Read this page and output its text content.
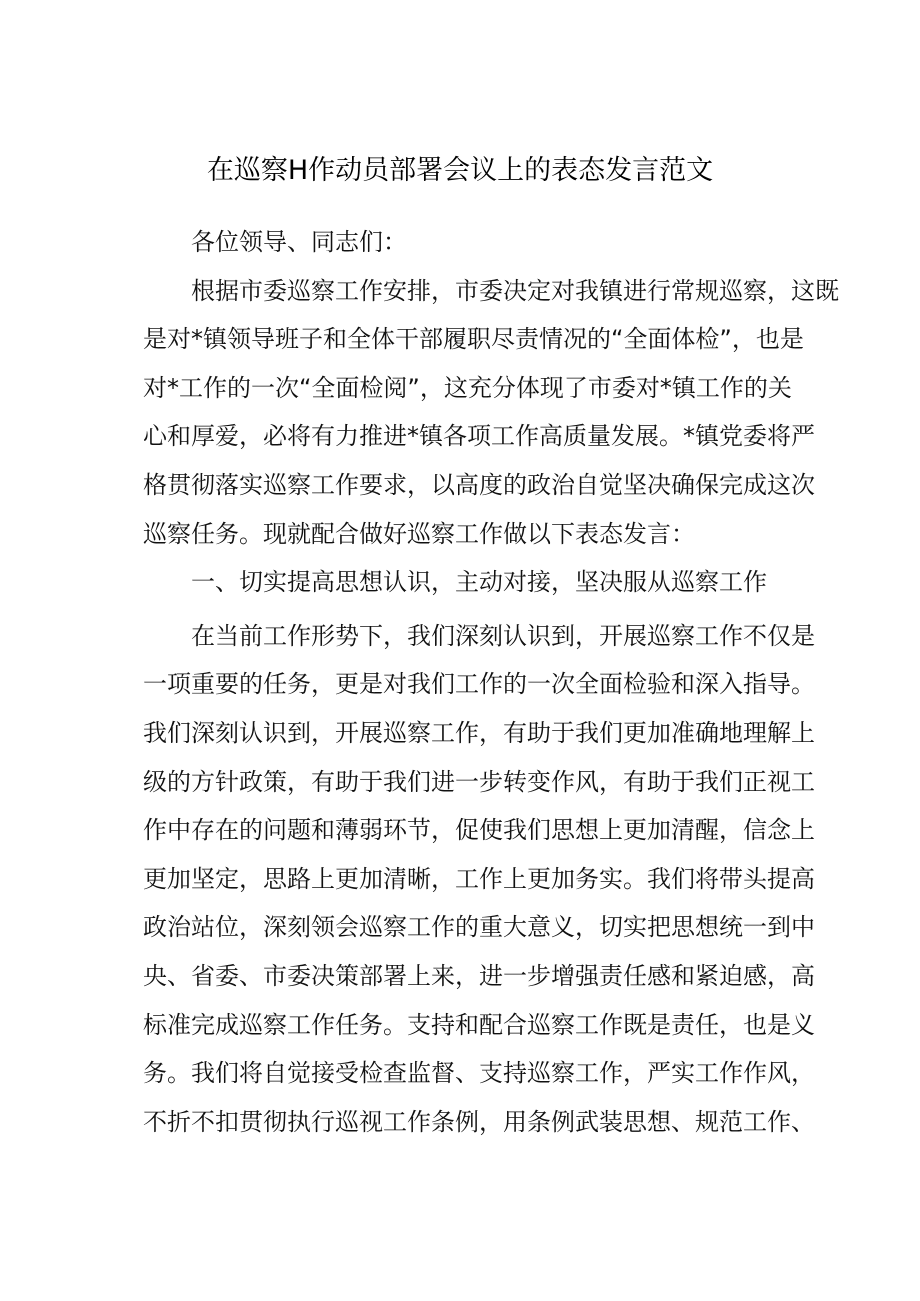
在巡察H作动员部署会议上的表态发言范文
　　各位领导、同志们：
　　根据市委巡察工作安排，市委决定对我镇进行常规巡察，这既
是对*镇领导班子和全体干部履职尽责情况的“全面体检”，也是
对*工作的一次“全面检阅”，这充分体现了市委对*镇工作的关
心和厚爱，必将有力推进*镇各项工作高质量发展。*镇党委将严
格贯彻落实巡察工作要求，以高度的政治自觉坚决确保完成这次
巡察任务。现就配合做好巡察工作做以下表态发言：
　　一、切实提高思想认识，主动对接，坚决服从巡察工作
　　在当前工作形势下，我们深刻认识到，开展巡察工作不仅是
一项重要的任务，更是对我们工作的一次全面检验和深入指导。
我们深刻认识到，开展巡察工作，有助于我们更加准确地理解上
级的方针政策，有助于我们进一步转变作风，有助于我们正视工
作中存在的问题和薄弱环节，促使我们思想上更加清醒，信念上
更加坚定，思路上更加清晰，工作上更加务实。我们将带头提高
政治站位，深刻领会巡察工作的重大意义，切实把思想统一到中
央、省委、市委决策部署上来，进一步增强责任感和紧迫感，高
标准完成巡察工作任务。支持和配合巡察工作既是责任，也是义
务。我们将自觉接受检查监督、支持巡察工作，严实工作作风，
不折不扣贯彻执行巡视工作条例，用条例武装思想、规范工作、
